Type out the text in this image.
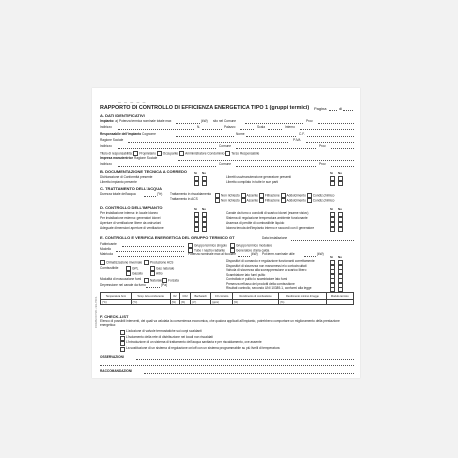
RAPPORTO DI CONTROLLO DI EFFICIENZA ENERGETICA TIPO 1 (gruppi termici) Pagina	di
A. DATI IDENTIFICATIVI
Impianto: a) Potenza termica nominale totale max	(kW) sito nel Comune	Prov.
Indirizzo	N.	Palazzo	Scala	Interno
Responsabile dell'impianto Cognome	Nome	C.F.
Ragione Sociale	P.IVA
Indirizzo	Comune	Prov.
Titolo di responsabilità: Proprietario Occupante Amministratore Condominio Terzo Responsabile
Impresa manutentrice Ragione Sociale
Indirizzo	Comune	Prov.
B. DOCUMENTAZIONE TECNICA A CORREDO Si No	Si No
Dichiarazione di Conformità presente
Libretto impianto presente
Libretti uso/manutenzione generatore presenti
Libretto compilato in tutte le sue parti
C. TRATTAMENTO DELL'ACQUA
Durezza totale dell'acqua	(°fr) Trattamento in riscaldamento
Trattamento in ACS
Non richiesto Assente Filtrazione Addolcimento Condiz.chimico
Non richiesto Assente Filtrazione Addolcimento Condiz.chimico
D. CONTROLLO DELL'IMPIANTO	Si No	Si No
Per installazione interna: in locale idoneo	Canale da fumo o condotti di scarico idonei (esame visivo)
Per installazione esterna: generatori idonei	Sistema di regolazione temperatura ambiente funzionante
Aperture di ventilazione libere da ostruzioni	Assenza di perdite di combustibile liquido
Adeguate dimensioni aperture di ventilazione	Idonea tenuta dell'impianto interno e raccordi con il generatore
E. CONTROLLO E VERIFICA ENERGETICA DEL GRUPPO TERMICO GT	Data installazione
Fabbricante	Gruppo termico singolo	Gruppo termico modulare
Modello	Tubo / nastro radiante	Generatore d'aria calda
Matricola	Potenza nominale max al focolare	(kW) Pot.term.nominale utile	(kW)
Climatizzazione invernale	Produzione ACS
Combustibile	GPL	Gas naturale
Gasolio	Altro
Modalità di evacuazione fumi	Naturale	Forzata
Depressione nel canale da fumo	(Pa)
Si No
Dispositivi di comando e regolazione funzionanti correttamente
Dispositivi di sicurezza non manomessi e/o cortocircuitati
Valvola di sicurezza alla sovrappressione a scarico libero
Scambiatore lato fumi pulito
Controllato e pulito lo scambiatore lato fumi
Presenza reflusso dei prodotti della combustione
Risultati controllo, secondo UNI 10389-1, conformi alla legge
Temperatura fumi	Temp. Aria comburente	O2	CO2	Bacharach	CO corretto	Rendimento di combustione	Rendimento minimo di legge	Modulo termico
(°C)	(°C)	(%)	(%)	(n°)	(ppm)	(%)	(%)	
F. CHECK-LIST
Elenco di possibili interventi, dei quali va valutata la convenienza economica, che qualora applicati all'impianto, potrebbero comportare un miglioramento della prestazione energetica:
L'adozione di valvole termostatiche sui corpi scaldanti
L'isolamento della rete di distribuzione nei locali non riscaldati
L'introduzione di un sistema di trattamento dell'acqua sanitaria e per riscaldamento, ove assente
La sostituzione di un sistema di regolazione on/off con un sistema programmabile su più livelli di temperatura
OSSERVAZIONI
RACCOMANDAZIONI
– – – – –
COMM 07/18 • 99-76F1
